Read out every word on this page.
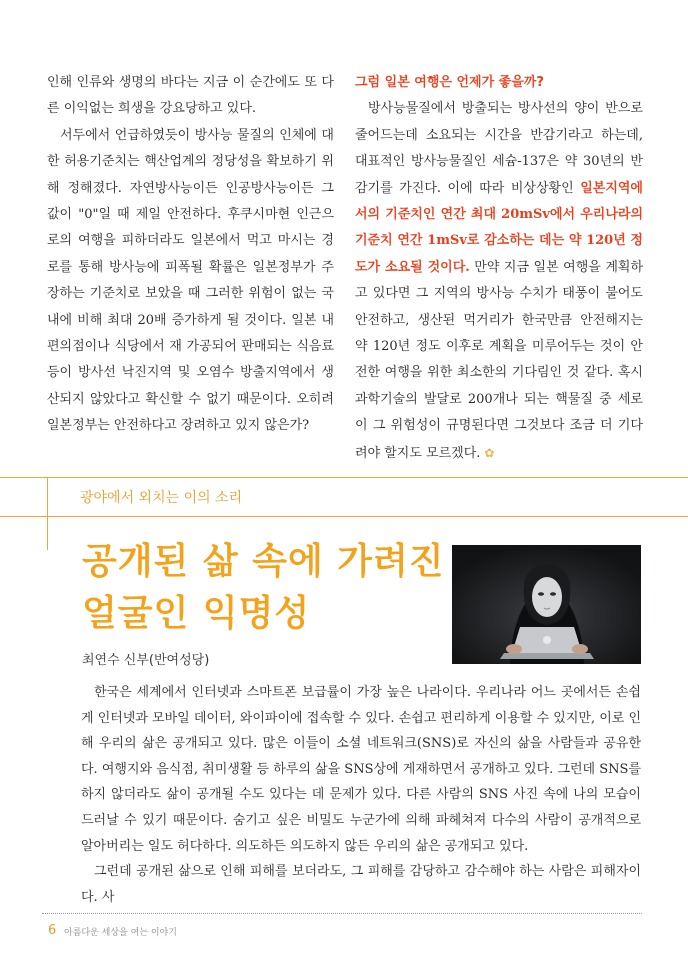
인해 인류와 생명의 바다는 지금 이 순간에도 또 다른 이익없는 희생을 강요당하고 있다.

서두에서 언급하였듯이 방사능 물질의 인체에 대한 허용기준치는 핵산업계의 정당성을 확보하기 위해 정해졌다. 자연방사능이든 인공방사능이든 그 값이 "0"일 때 제일 안전하다. 후쿠시마현 인근으로의 여행을 피하더라도 일본에서 먹고 마시는 경로를 통해 방사능에 피폭될 확률은 일본정부가 주장하는 기준치로 보았을 때 그러한 위험이 없는 국내에 비해 최대 20배 증가하게 될 것이다. 일본 내 편의점이나 식당에서 재 가공되어 판매되는 식음료 등이 방사선 낙진지역 및 오염수 방출지역에서 생산되지 않았다고 확신할 수 없기 때문이다. 오히려 일본정부는 안전하다고 장려하고 있지 않은가?

그럼 일본 여행은 언제가 좋을까?

방사능물질에서 방출되는 방사선의 양이 반으로 줄어드는데 소요되는 시간을 반감기라고 하는데, 대표적인 방사능물질인 세슘-137은 약 30년의 반감기를 가진다. 이에 따라 비상상황인 일본지역에서의 기준치인 연간 최대 20mSv에서 우리나라의 기준치 연간 1mSv로 감소하는 데는 약 120년 정도가 소요될 것이다. 만약 지금 일본 여행을 계획하고 있다면 그 지역의 방사능 수치가 태풍이 불어도 안전하고, 생산된 먹거리가 한국만큼 안전해지는 약 120년 정도 이후로 계획을 미루어두는 것이 안전한 여행을 위한 최소한의 기다림인 것 같다. 혹시 과학기술의 발달로 200개나 되는 핵물질 중 세로이 그 위험성이 규명된다면 그것보다 조금 더 기다려야 할지도 모르겠다. ✿

광야에서 외치는 이의 소리
공개된 삶 속에 가려진
얼굴인 익명성
최연수 신부(반여성당)

한국은 세계에서 인터넷과 스마트폰 보급률이 가장 높은 나라이다. 우리나라 어느 곳에서든 손쉽게 인터넷과 모바일 데이터, 와이파이에 접속할 수 있다. 손쉽고 편리하게 이용할 수 있지만, 이로 인해 우리의 삶은 공개되고 있다. 많은 이들이 소셜 네트워크(SNS)로 자신의 삶을 사람들과 공유한다. 여행지와 음식점, 취미생활 등 하루의 삶을 SNS상에 게재하면서 공개하고 있다. 그런데 SNS를 하지 않더라도 삶이 공개될 수도 있다는 데 문제가 있다. 다른 사람의 SNS 사진 속에 나의 모습이 드러날 수 있기 때문이다. 숨기고 싶은 비밀도 누군가에 의해 파헤쳐져 다수의 사람이 공개적으로 알아버리는 일도 허다하다. 의도하든 의도하지 않든 우리의 삶은 공개되고 있다.

그런데 공개된 삶으로 인해 피해를 보더라도, 그 피해를 감당하고 감수해야 하는 사람은 피해자이다. 사

6 아름다운 세상을 여는 이야기
